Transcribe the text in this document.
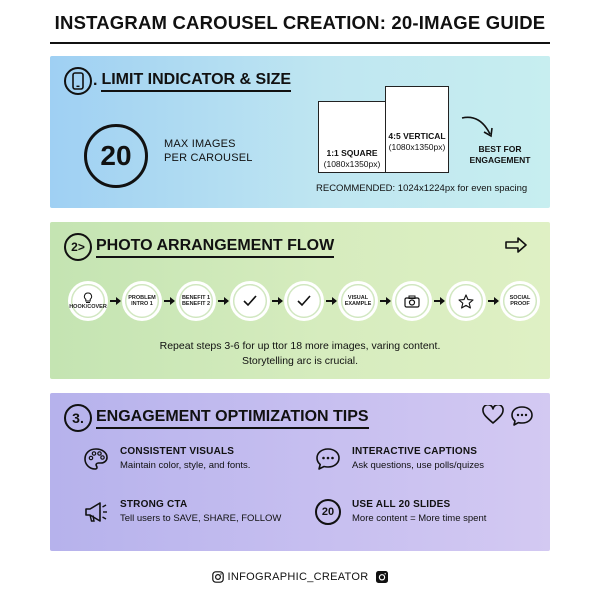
INSTAGRAM CAROUSEL CREATION: 20-IMAGE GUIDE
. LIMIT INDICATOR & SIZE
20	MAX IMAGES
PER CAROUSEL
4:5 VERTICAL
(1080x1350px)
1:1 SQUARE
(1080x1350px)
BEST FOR
ENGAGEMENT
RECOMMENDED: 1024x1224px for even spacing
2> PHOTO ARRANGEMENT FLOW
HOOK/COVER
PROBLEM
INTRO 1
BENEFIT 1
BENEFIT 2
VISUAL
EXAMPLE
SOCIAL
PROOF
Repeat steps 3-6 for up ttor 18 more images, varing content.
Storytelling arc is crucial.
3. ENGAGEMENT OPTIMIZATION TIPS
CONSISTENT VISUALS
Maintain color, style, and fonts.
INTERACTIVE CAPTIONS
Ask questions, use polls/quizes
STRONG CTA
Tell users to SAVE, SHARE, FOLLOW
20
USE ALL 20 SLIDES
More content = More time spent
INFOGRAPHIC_CREATOR
